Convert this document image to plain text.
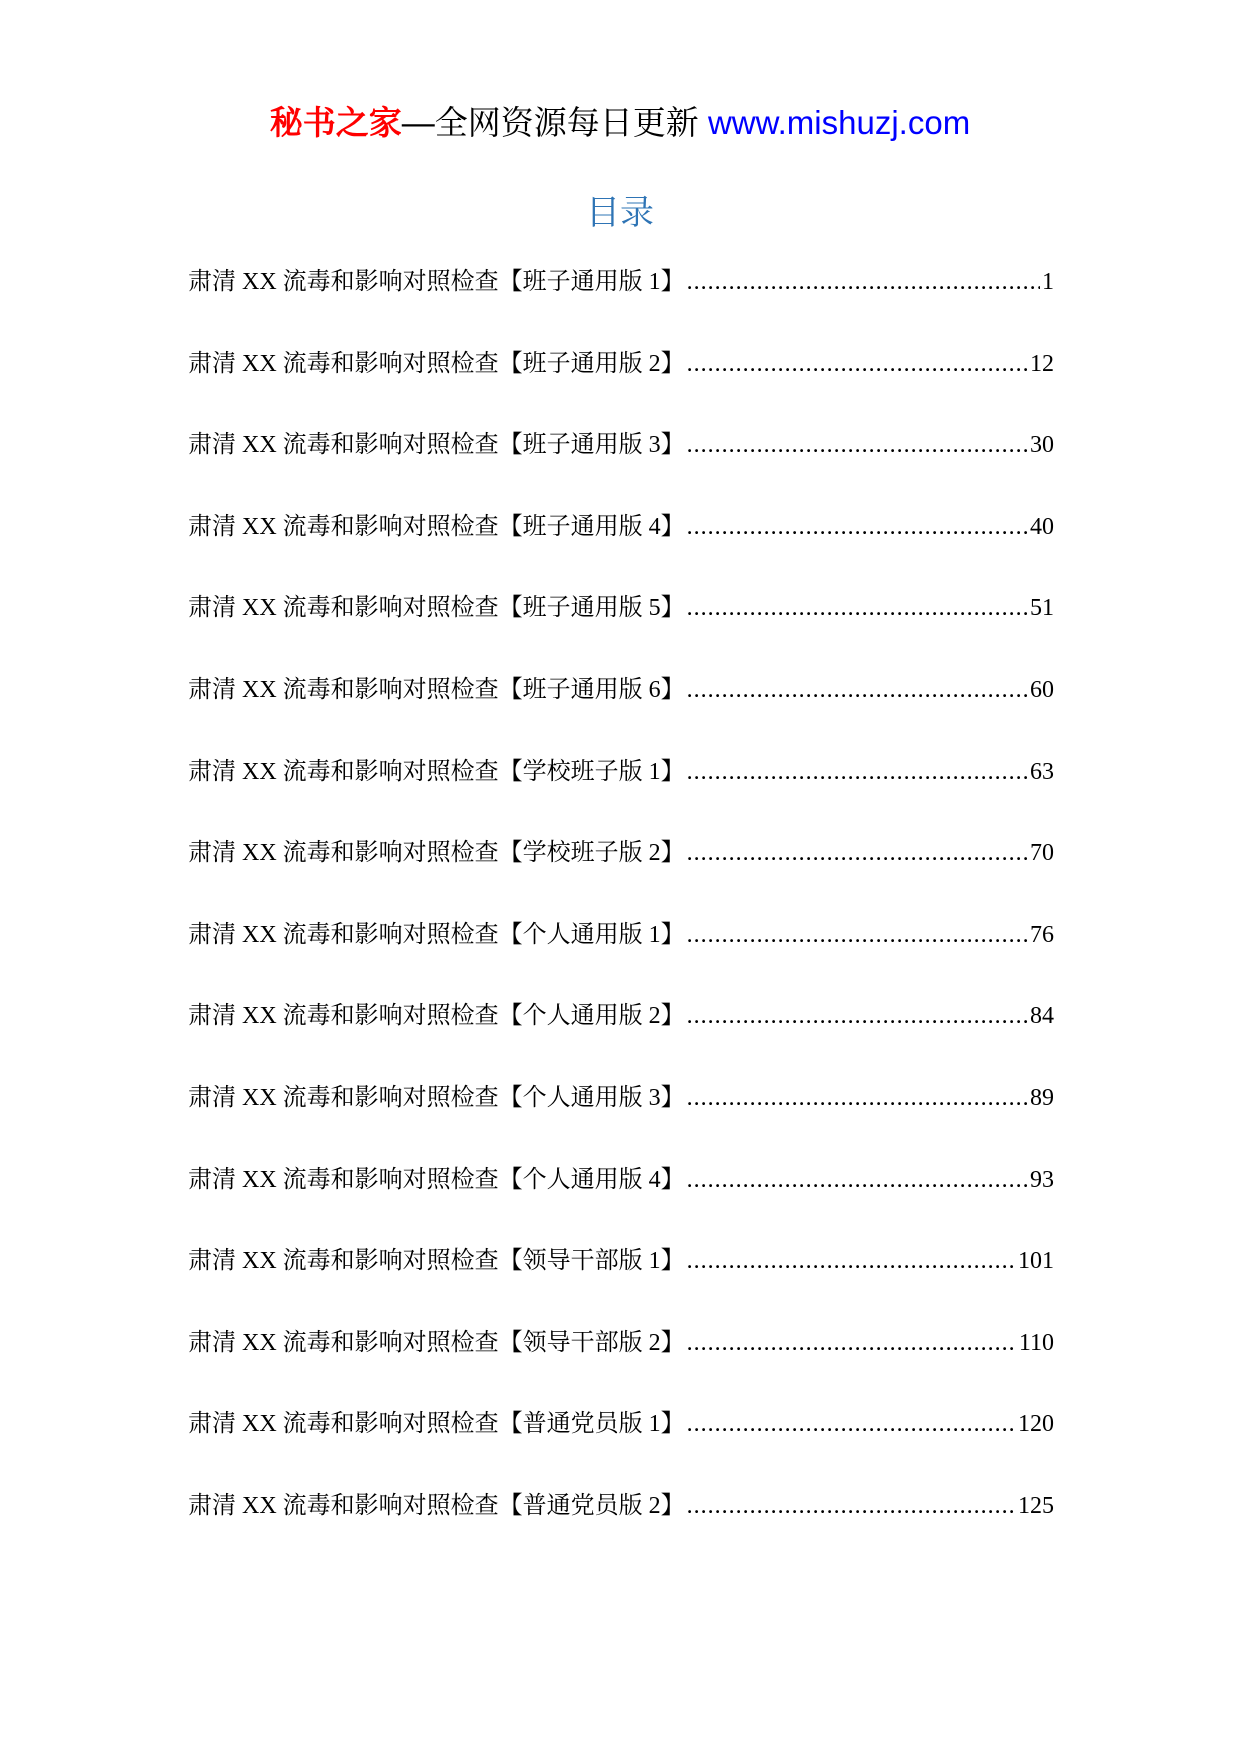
秘书之家—全网资源每日更新 www.mishuzj.com
目录
肃清 XX 流毒和影响对照检查【班子通用版 1】 .....	1
肃清 XX 流毒和影响对照检查【班子通用版 2】 .....	12
肃清 XX 流毒和影响对照检查【班子通用版 3】 .....	30
肃清 XX 流毒和影响对照检查【班子通用版 4】 .....	40
肃清 XX 流毒和影响对照检查【班子通用版 5】 .....	51
肃清 XX 流毒和影响对照检查【班子通用版 6】 .....	60
肃清 XX 流毒和影响对照检查【学校班子版 1】 .....	63
肃清 XX 流毒和影响对照检查【学校班子版 2】 .....	70
肃清 XX 流毒和影响对照检查【个人通用版 1】 .....	76
肃清 XX 流毒和影响对照检查【个人通用版 2】 .....	84
肃清 XX 流毒和影响对照检查【个人通用版 3】 .....	89
肃清 XX 流毒和影响对照检查【个人通用版 4】 .....	93
肃清 XX 流毒和影响对照检查【领导干部版 1】 .....	101
肃清 XX 流毒和影响对照检查【领导干部版 2】 .....	110
肃清 XX 流毒和影响对照检查【普通党员版 1】 .....	120
肃清 XX 流毒和影响对照检查【普通党员版 2】 .....	125
